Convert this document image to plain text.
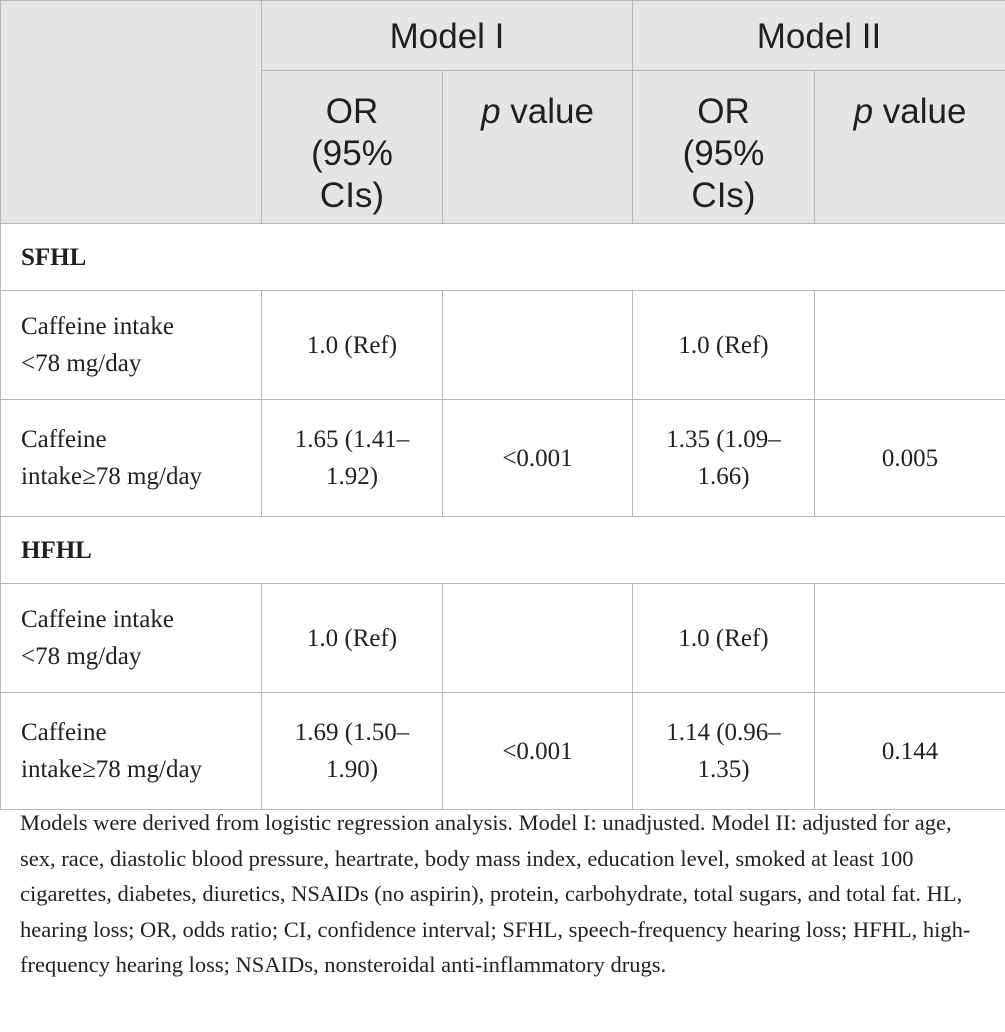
	Model I		Model II	
	OR
(95%
CIs)	p value	OR
(95%
CIs)	p value
SFHL				
Caffeine intake
<78 mg/day	1.0 (Ref)		1.0 (Ref)	
Caffeine
intake≥78 mg/day	1.65 (1.41–
1.92)	<0.001	1.35 (1.09–
1.66)	0.005
HFHL				
Caffeine intake
<78 mg/day	1.0 (Ref)		1.0 (Ref)	
Caffeine
intake≥78 mg/day	1.69 (1.50–
1.90)	<0.001	1.14 (0.96–
1.35)	0.144
Models were derived from logistic regression analysis. Model I: unadjusted. Model II: adjusted for age, sex, race, diastolic blood pressure, heartrate, body mass index, education level, smoked at least 100 cigarettes, diabetes, diuretics, NSAIDs (no aspirin), protein, carbohydrate, total sugars, and total fat. HL, hearing loss; OR, odds ratio; CI, confidence interval; SFHL, speech-frequency hearing loss; HFHL, high-frequency hearing loss; NSAIDs, nonsteroidal anti-inflammatory drugs.
